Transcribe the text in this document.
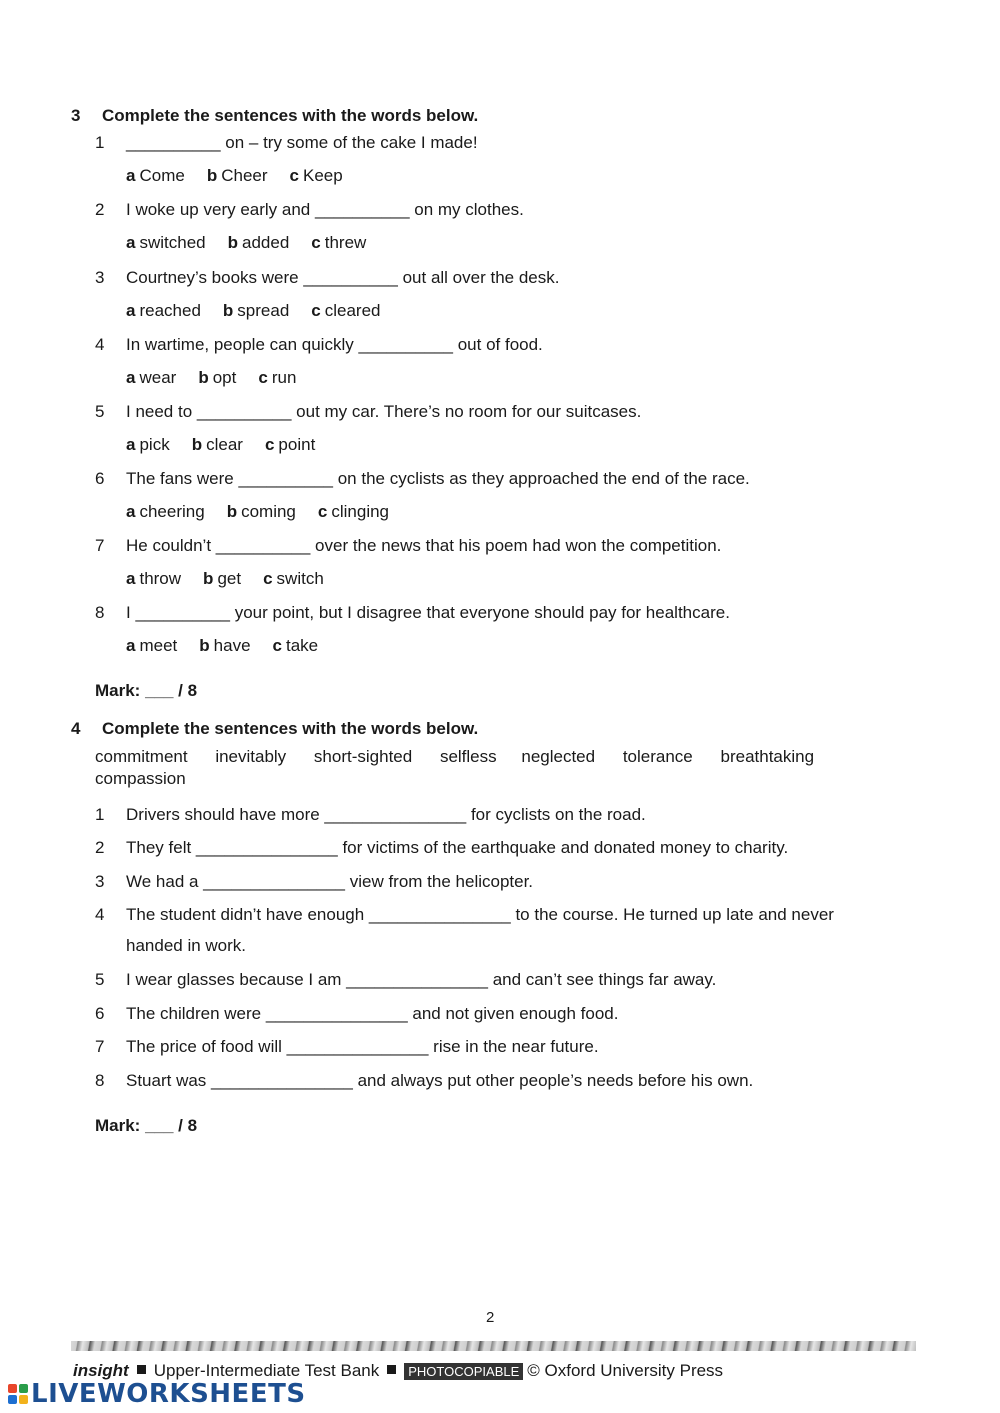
3 Complete the sentences with the words below.
1 __________ on – try some of the cake I made!
a Come b Cheer c Keep
2 I woke up very early and __________ on my clothes.
a switched b added c threw
3 Courtney’s books were __________ out all over the desk.
a reached b spread c cleared
4 In wartime, people can quickly __________ out of food.
a wear b opt c run
5 I need to __________ out my car. There’s no room for our suitcases.
a pick b clear c point
6 The fans were __________ on the cyclists as they approached the end of the race.
a cheering b coming c clinging
7 He couldn’t __________ over the news that his poem had won the competition.
a throw b get c switch
8 I __________ your point, but I disagree that everyone should pay for healthcare.
a meet b have c take
Mark: ___ / 8
4 Complete the sentences with the words below.
commitment inevitably short-sighted selfless neglected tolerance breathtaking
compassion
1 Drivers should have more _______________ for cyclists on the road.
2 They felt _______________ for victims of the earthquake and donated money to charity.
3 We had a _______________ view from the helicopter.
4 The student didn’t have enough _______________ to the course. He turned up late and never
handed in work.
5 I wear glasses because I am _______________ and can’t see things far away.
6 The children were _______________ and not given enough food.
7 The price of food will _______________ rise in the near future.
8 Stuart was _______________ and always put other people’s needs before his own.
Mark: ___ / 8
2
insight Upper-Intermediate Test Bank PHOTOCOPIABLE © Oxford University Press
LIVEWORKSHEETS
